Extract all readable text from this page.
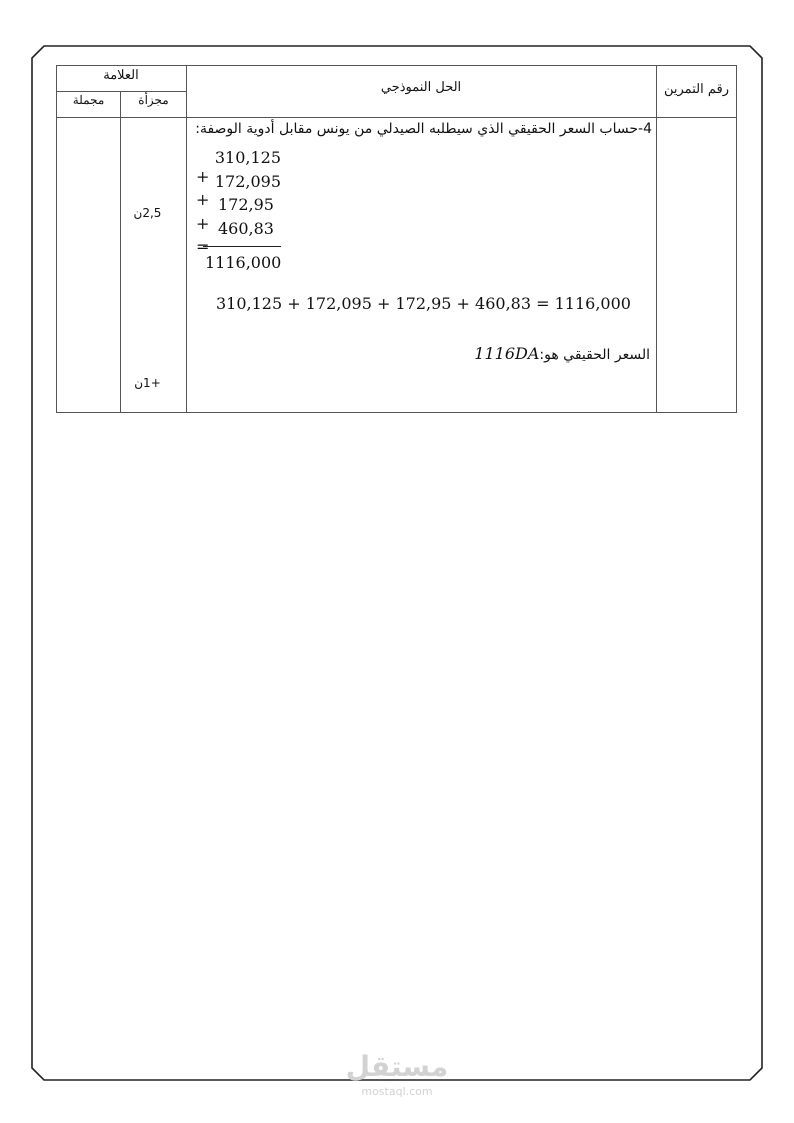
العلامة
الحل النموذجي	رقم التمرين
مجملة	مجزأة
4-حساب السعر الحقيقي الذي سيطلبه الصيدلي من يونس مقابل أدوية الوصفة:
310,125
+ 172,095
+ 172,95
+ 460,83
=
1116,000
310,125 + 172,095 + 172,95 + 460,83 = 1116,000
السعر الحقيقي هو:1116DA
2,5ن
+1ن
مستقل
mostaql.com
